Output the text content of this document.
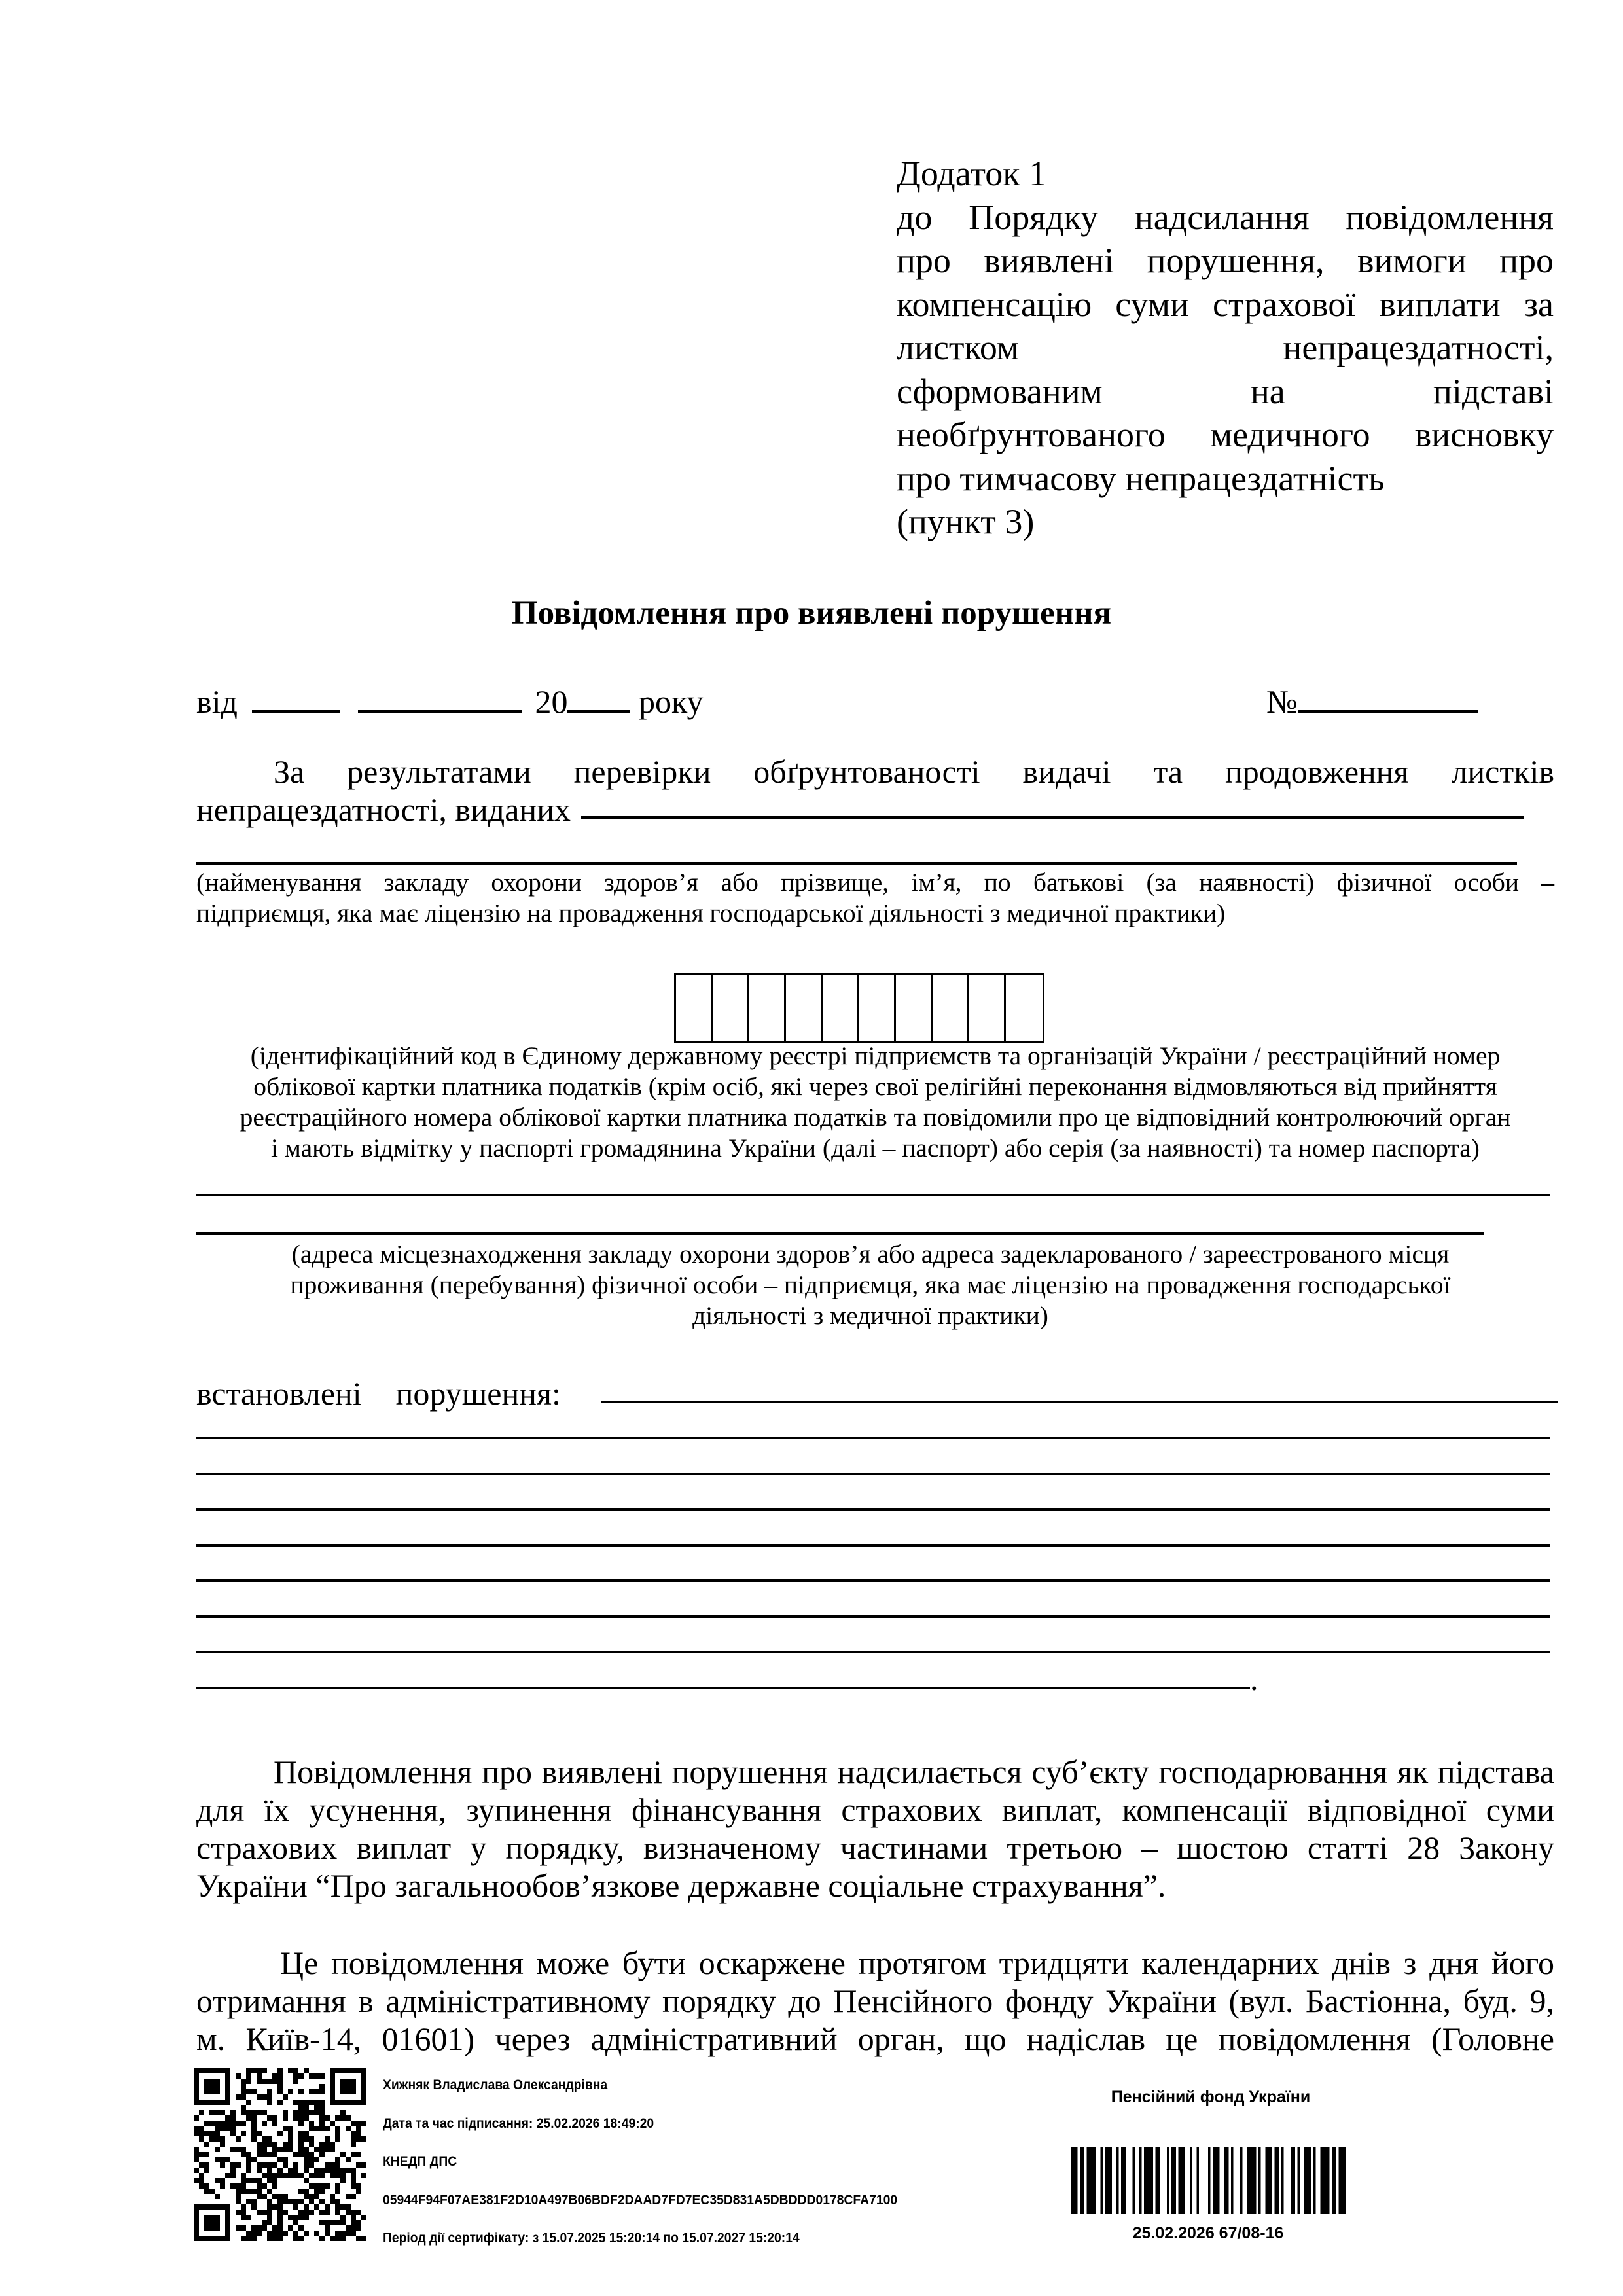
Додаток 1
до Порядку надсилання повідомлення
про виявлені порушення, вимоги про
компенсацію суми страхової виплати за
листком непрацездатності,
сформованим на підставі
необґрунтованого медичного висновку
про тимчасову непрацездатність
(пункт 3)
Повідомлення про виявлені порушення
від	20 року	№
За результатами перевірки обґрунтованості видачі та продовження листків
непрацездатності, виданих
(найменування закладу охорони здоров’я або прізвище, ім’я, по батькові (за наявності) фізичної особи –
підприємця, яка має ліцензію на провадження господарської діяльності з медичної практики)
(ідентифікаційний код в Єдиному державному реєстрі підприємств та організацій України / реєстраційний номер
облікової картки платника податків (крім осіб, які через свої релігійні переконання відмовляються від прийняття
реєстраційного номера облікової картки платника податків та повідомили про це відповідний контролюючий орган
і мають відмітку у паспорті громадянина України (далі – паспорт) або серія (за наявності) та номер паспорта)
(адреса місцезнаходження закладу охорони здоров’я або адреса задекларованого / зареєстрованого місця
проживання (перебування) фізичної особи – підприємця, яка має ліцензію на провадження господарської
діяльності з медичної практики)
встановлені порушення:
.
Повідомлення про виявлені порушення надсилається суб’єкту господарювання як підстава
для їх усунення, зупинення фінансування страхових виплат, компенсації відповідної суми
страхових виплат у порядку, визначеному частинами третьою – шостою статті 28 Закону
України “Про загальнообов’язкове державне соціальне страхування”.
Це повідомлення може бути оскаржене протягом тридцяти календарних днів з дня його
отримання в адміністративному порядку до Пенсійного фонду України (вул. Бастіонна, буд. 9,
м. Київ-14, 01601) через адміністративний орган, що надіслав це повідомлення (Головне
Хижняк Владислава Олександрівна
Дата та час підписання: 25.02.2026 18:49:20
КНЕДП ДПС
05944F94F07AE381F2D10A497B06BDF2DAAD7FD7EC35D831A5DBDDD0178CFA7100
Період дії сертифікату: з 15.07.2025 15:20:14 по 15.07.2027 15:20:14
Пенсійний фонд України
25.02.2026 67/08-16
